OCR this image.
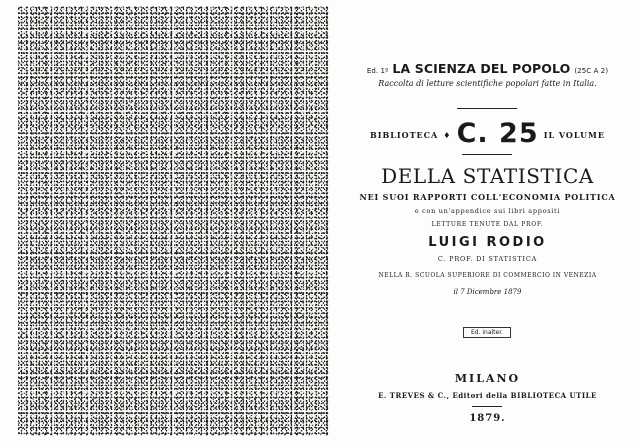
Ed. 1º LA SCIENZA DEL POPOLO (25C A 2)
Raccolta di letture scientifiche popolari fatte in Italia.
$^{BIBLIOTECA}$ ♦ C. 25 $^{IL VOLUME}$
DELLA STATISTICA
NEI SUOI RAPPORTI COLL'ECONOMIA POLITICA
e con un'appendice sui libri appositi
LETTURE TENUTE DAL PROF.
LUIGI RODIO
C. PROF. DI STATISTICA
NELLA R. SCUOLA SUPERIORE DI COMMERCIO IN VENEZIA
il 7 Dicembre 1879
Ed. inalter.
MILANO
E. TREVES & C., Editori della BIBLIOTECA UTILE
1879.
